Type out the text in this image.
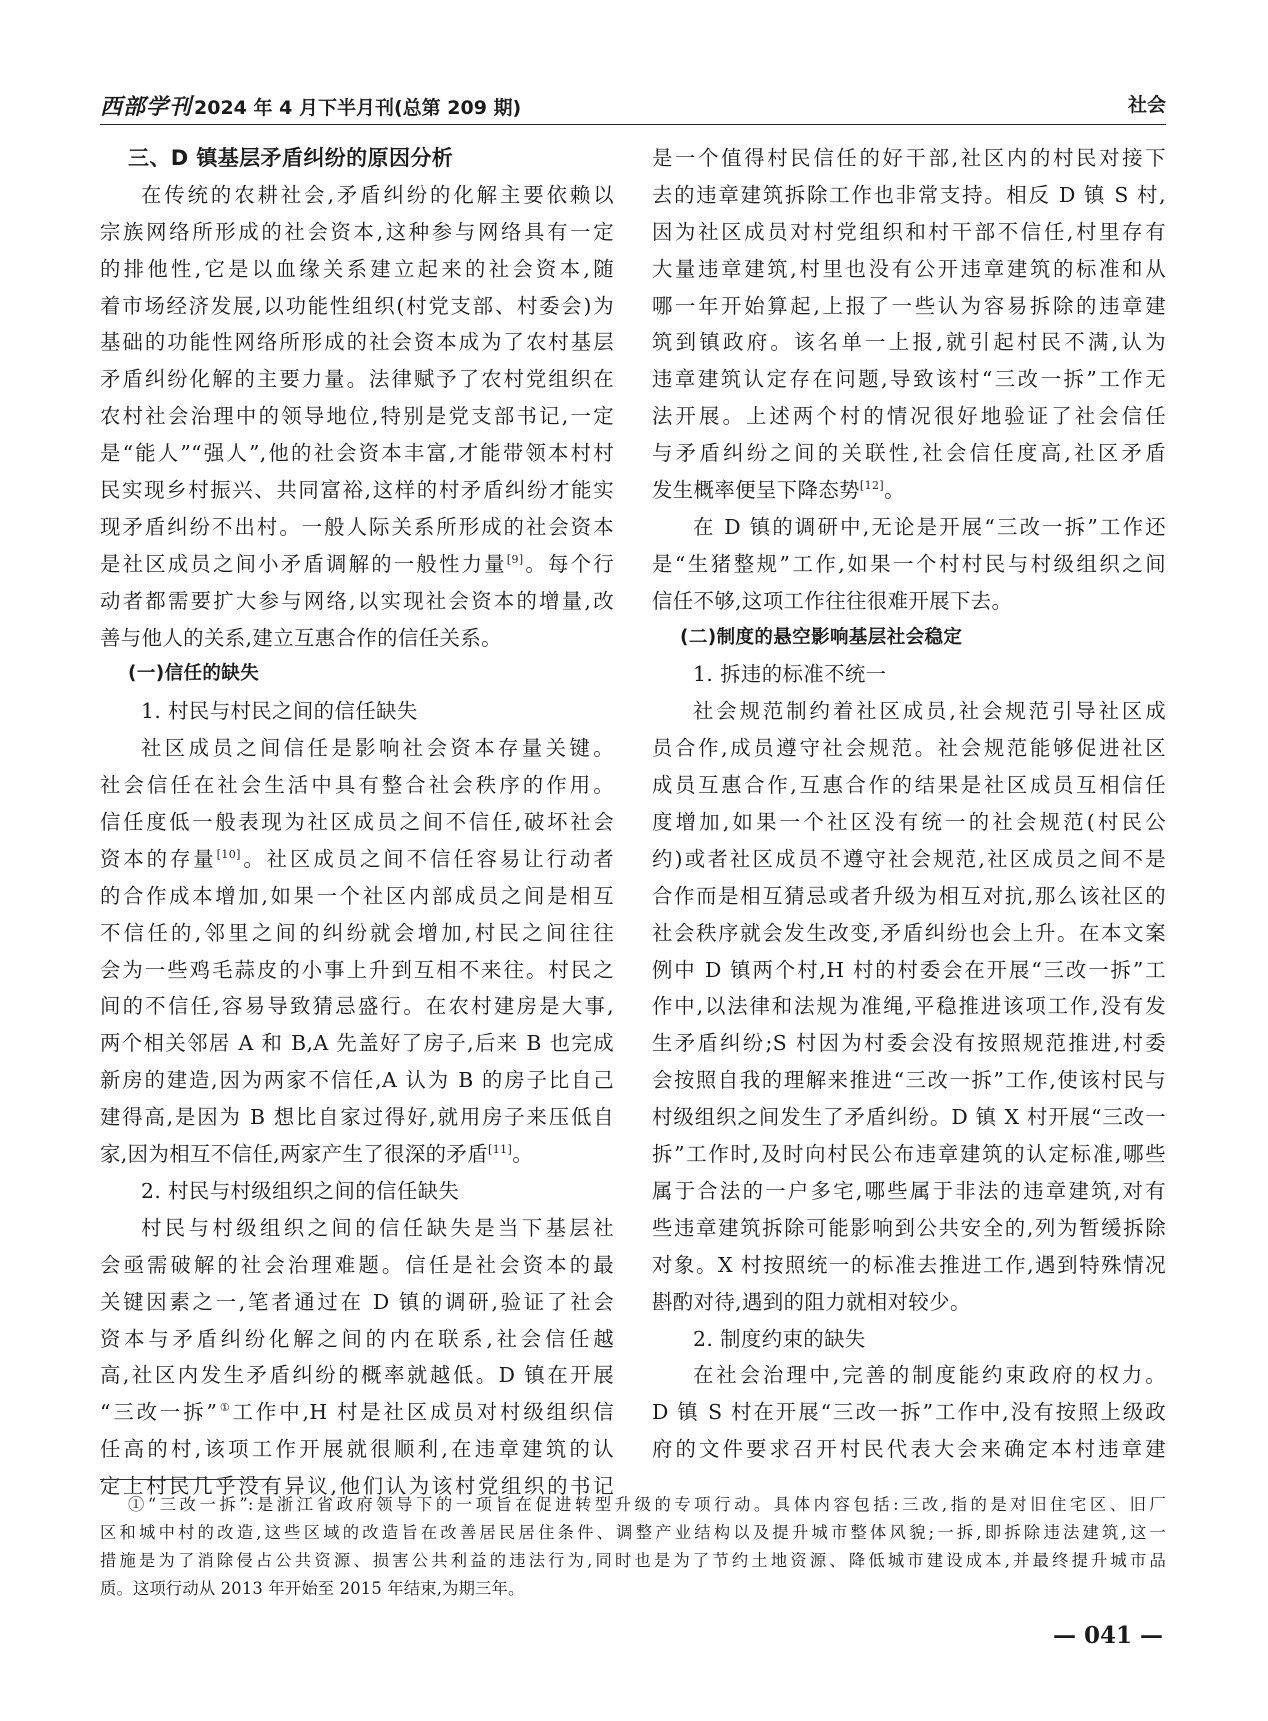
西部学刊 2024 年 4 月下半月刊(总第 209 期)	社会
三、D 镇基层矛盾纠纷的原因分析
在传统的农耕社会,矛盾纠纷的化解主要依赖以
宗族网络所形成的社会资本,这种参与网络具有一定
的排他性,它是以血缘关系建立起来的社会资本,随
着市场经济发展,以功能性组织(村党支部、村委会)为
基础的功能性网络所形成的社会资本成为了农村基层
矛盾纠纷化解的主要力量。法律赋予了农村党组织在
农村社会治理中的领导地位,特别是党支部书记,一定
是“能人”“强人”,他的社会资本丰富,才能带领本村村
民实现乡村振兴、共同富裕,这样的村矛盾纠纷才能实
现矛盾纠纷不出村。一般人际关系所形成的社会资本
是社区成员之间小矛盾调解的一般性力量[9]。每个行
动者都需要扩大参与网络,以实现社会资本的增量,改
善与他人的关系,建立互惠合作的信任关系。
(一)信任的缺失
1. 村民与村民之间的信任缺失
社区成员之间信任是影响社会资本存量关键。
社会信任在社会生活中具有整合社会秩序的作用。
信任度低一般表现为社区成员之间不信任,破坏社会
资本的存量[10]。社区成员之间不信任容易让行动者
的合作成本增加,如果一个社区内部成员之间是相互
不信任的,邻里之间的纠纷就会增加,村民之间往往
会为一些鸡毛蒜皮的小事上升到互相不来往。村民之
间的不信任,容易导致猜忌盛行。在农村建房是大事,
两个相关邻居 A 和 B,A 先盖好了房子,后来 B 也完成
新房的建造,因为两家不信任,A 认为 B 的房子比自己
建得高,是因为 B 想比自家过得好,就用房子来压低自
家,因为相互不信任,两家产生了很深的矛盾[11]。
2. 村民与村级组织之间的信任缺失
村民与村级组织之间的信任缺失是当下基层社
会亟需破解的社会治理难题。信任是社会资本的最
关键因素之一,笔者通过在 D 镇的调研,验证了社会
资本与矛盾纠纷化解之间的内在联系,社会信任越
高,社区内发生矛盾纠纷的概率就越低。D 镇在开展
“三改一拆”①工作中,H 村是社区成员对村级组织信
任高的村,该项工作开展就很顺利,在违章建筑的认
定上村民几乎没有异议,他们认为该村党组织的书记
是一个值得村民信任的好干部,社区内的村民对接下
去的违章建筑拆除工作也非常支持。相反 D 镇 S 村,
因为社区成员对村党组织和村干部不信任,村里存有
大量违章建筑,村里也没有公开违章建筑的标准和从
哪一年开始算起,上报了一些认为容易拆除的违章建
筑到镇政府。该名单一上报,就引起村民不满,认为
违章建筑认定存在问题,导致该村“三改一拆”工作无
法开展。上述两个村的情况很好地验证了社会信任
与矛盾纠纷之间的关联性,社会信任度高,社区矛盾
发生概率便呈下降态势[12]。
在 D 镇的调研中,无论是开展“三改一拆”工作还
是“生猪整规”工作,如果一个村村民与村级组织之间
信任不够,这项工作往往很难开展下去。
(二)制度的悬空影响基层社会稳定
1. 拆违的标准不统一
社会规范制约着社区成员,社会规范引导社区成
员合作,成员遵守社会规范。社会规范能够促进社区
成员互惠合作,互惠合作的结果是社区成员互相信任
度增加,如果一个社区没有统一的社会规范(村民公
约)或者社区成员不遵守社会规范,社区成员之间不是
合作而是相互猜忌或者升级为相互对抗,那么该社区的
社会秩序就会发生改变,矛盾纠纷也会上升。在本文案
例中 D 镇两个村,H 村的村委会在开展“三改一拆”工
作中,以法律和法规为准绳,平稳推进该项工作,没有发
生矛盾纠纷;S 村因为村委会没有按照规范推进,村委
会按照自我的理解来推进“三改一拆”工作,使该村民与
村级组织之间发生了矛盾纠纷。D 镇 X 村开展“三改一
拆”工作时,及时向村民公布违章建筑的认定标准,哪些
属于合法的一户多宅,哪些属于非法的违章建筑,对有
些违章建筑拆除可能影响到公共安全的,列为暂缓拆除
对象。X 村按照统一的标准去推进工作,遇到特殊情况
斟酌对待,遇到的阻力就相对较少。
2. 制度约束的缺失
在社会治理中,完善的制度能约束政府的权力。
D 镇 S 村在开展“三改一拆”工作中,没有按照上级政
府的文件要求召开村民代表大会来确定本村违章建
①“三改一拆”:是浙江省政府领导下的一项旨在促进转型升级的专项行动。具体内容包括:三改,指的是对旧住宅区、旧厂
区和城中村的改造,这些区域的改造旨在改善居民居住条件、调整产业结构以及提升城市整体风貌;一拆,即拆除违法建筑,这一
措施是为了消除侵占公共资源、损害公共利益的违法行为,同时也是为了节约土地资源、降低城市建设成本,并最终提升城市品
质。这项行动从 2013 年开始至 2015 年结束,为期三年。
— 041 —
